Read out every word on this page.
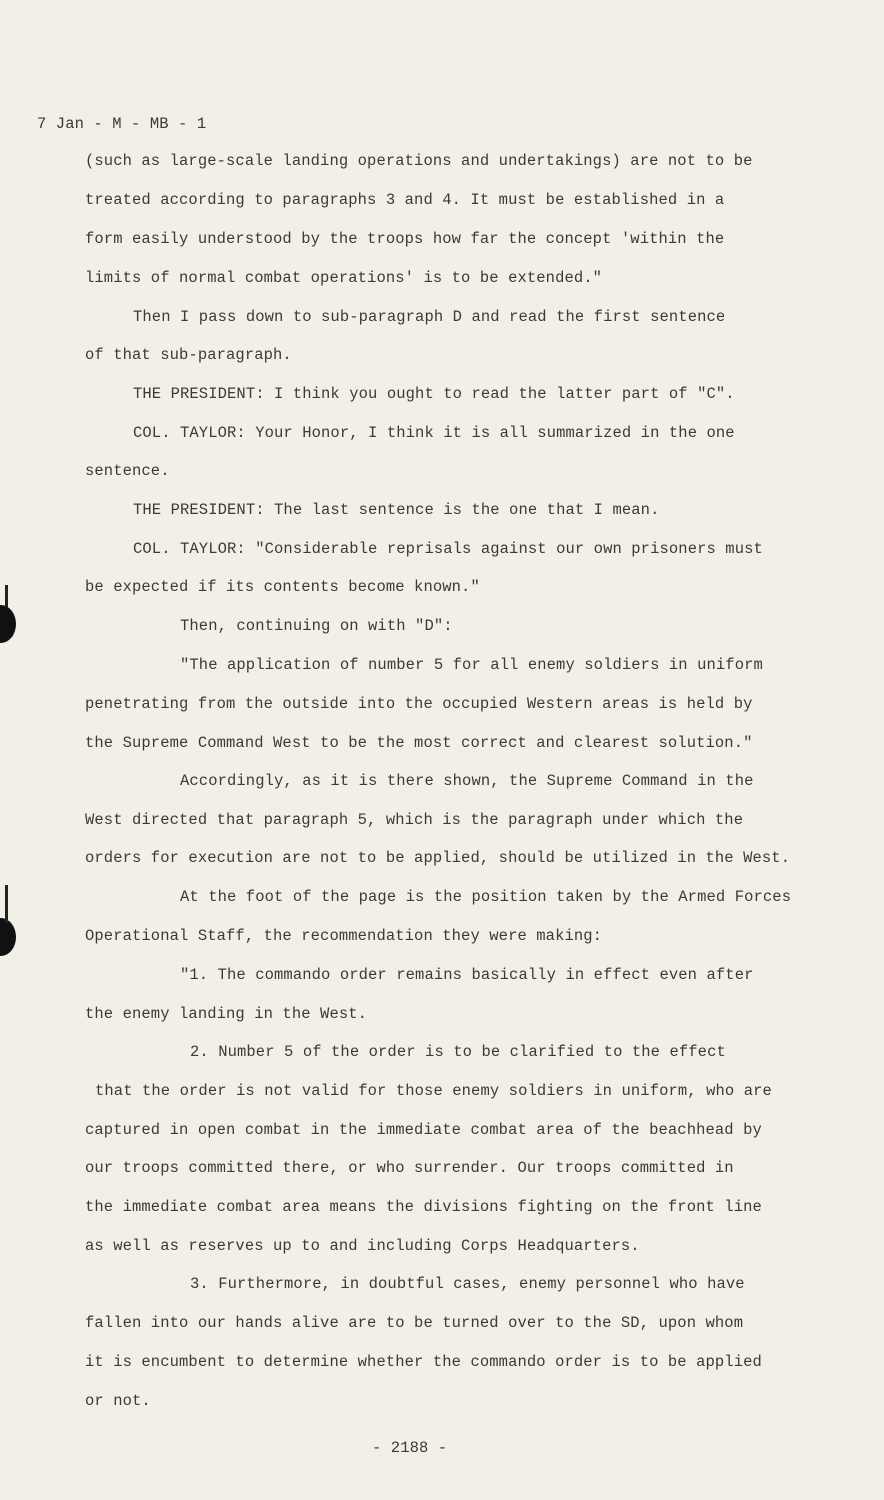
7 Jan - M - MB - 1
(such as large-scale landing operations and undertakings) are not to be
treated according to paragraphs 3 and 4. It must be established in a
form easily understood by the troops how far the concept 'within the
limits of normal combat operations' is to be extended."
Then I pass down to sub-paragraph D and read the first sentence
of that sub-paragraph.
THE PRESIDENT: I think you ought to read the latter part of "C".
COL. TAYLOR: Your Honor, I think it is all summarized in the one
sentence.
THE PRESIDENT: The last sentence is the one that I mean.
COL. TAYLOR: "Considerable reprisals against our own prisoners must
be expected if its contents become known."
Then, continuing on with "D":
"The application of number 5 for all enemy soldiers in uniform
penetrating from the outside into the occupied Western areas is held by
the Supreme Command West to be the most correct and clearest solution."
Accordingly, as it is there shown, the Supreme Command in the
West directed that paragraph 5, which is the paragraph under which the
orders for execution are not to be applied, should be utilized in the West.
At the foot of the page is the position taken by the Armed Forces
Operational Staff, the recommendation they were making:
"1. The commando order remains basically in effect even after
the enemy landing in the West.
2. Number 5 of the order is to be clarified to the effect
that the order is not valid for those enemy soldiers in uniform, who are
captured in open combat in the immediate combat area of the beachhead by
our troops committed there, or who surrender. Our troops committed in
the immediate combat area means the divisions fighting on the front line
as well as reserves up to and including Corps Headquarters.
3. Furthermore, in doubtful cases, enemy personnel who have
fallen into our hands alive are to be turned over to the SD, upon whom
it is encumbent to determine whether the commando order is to be applied
or not.
- 2188 -
